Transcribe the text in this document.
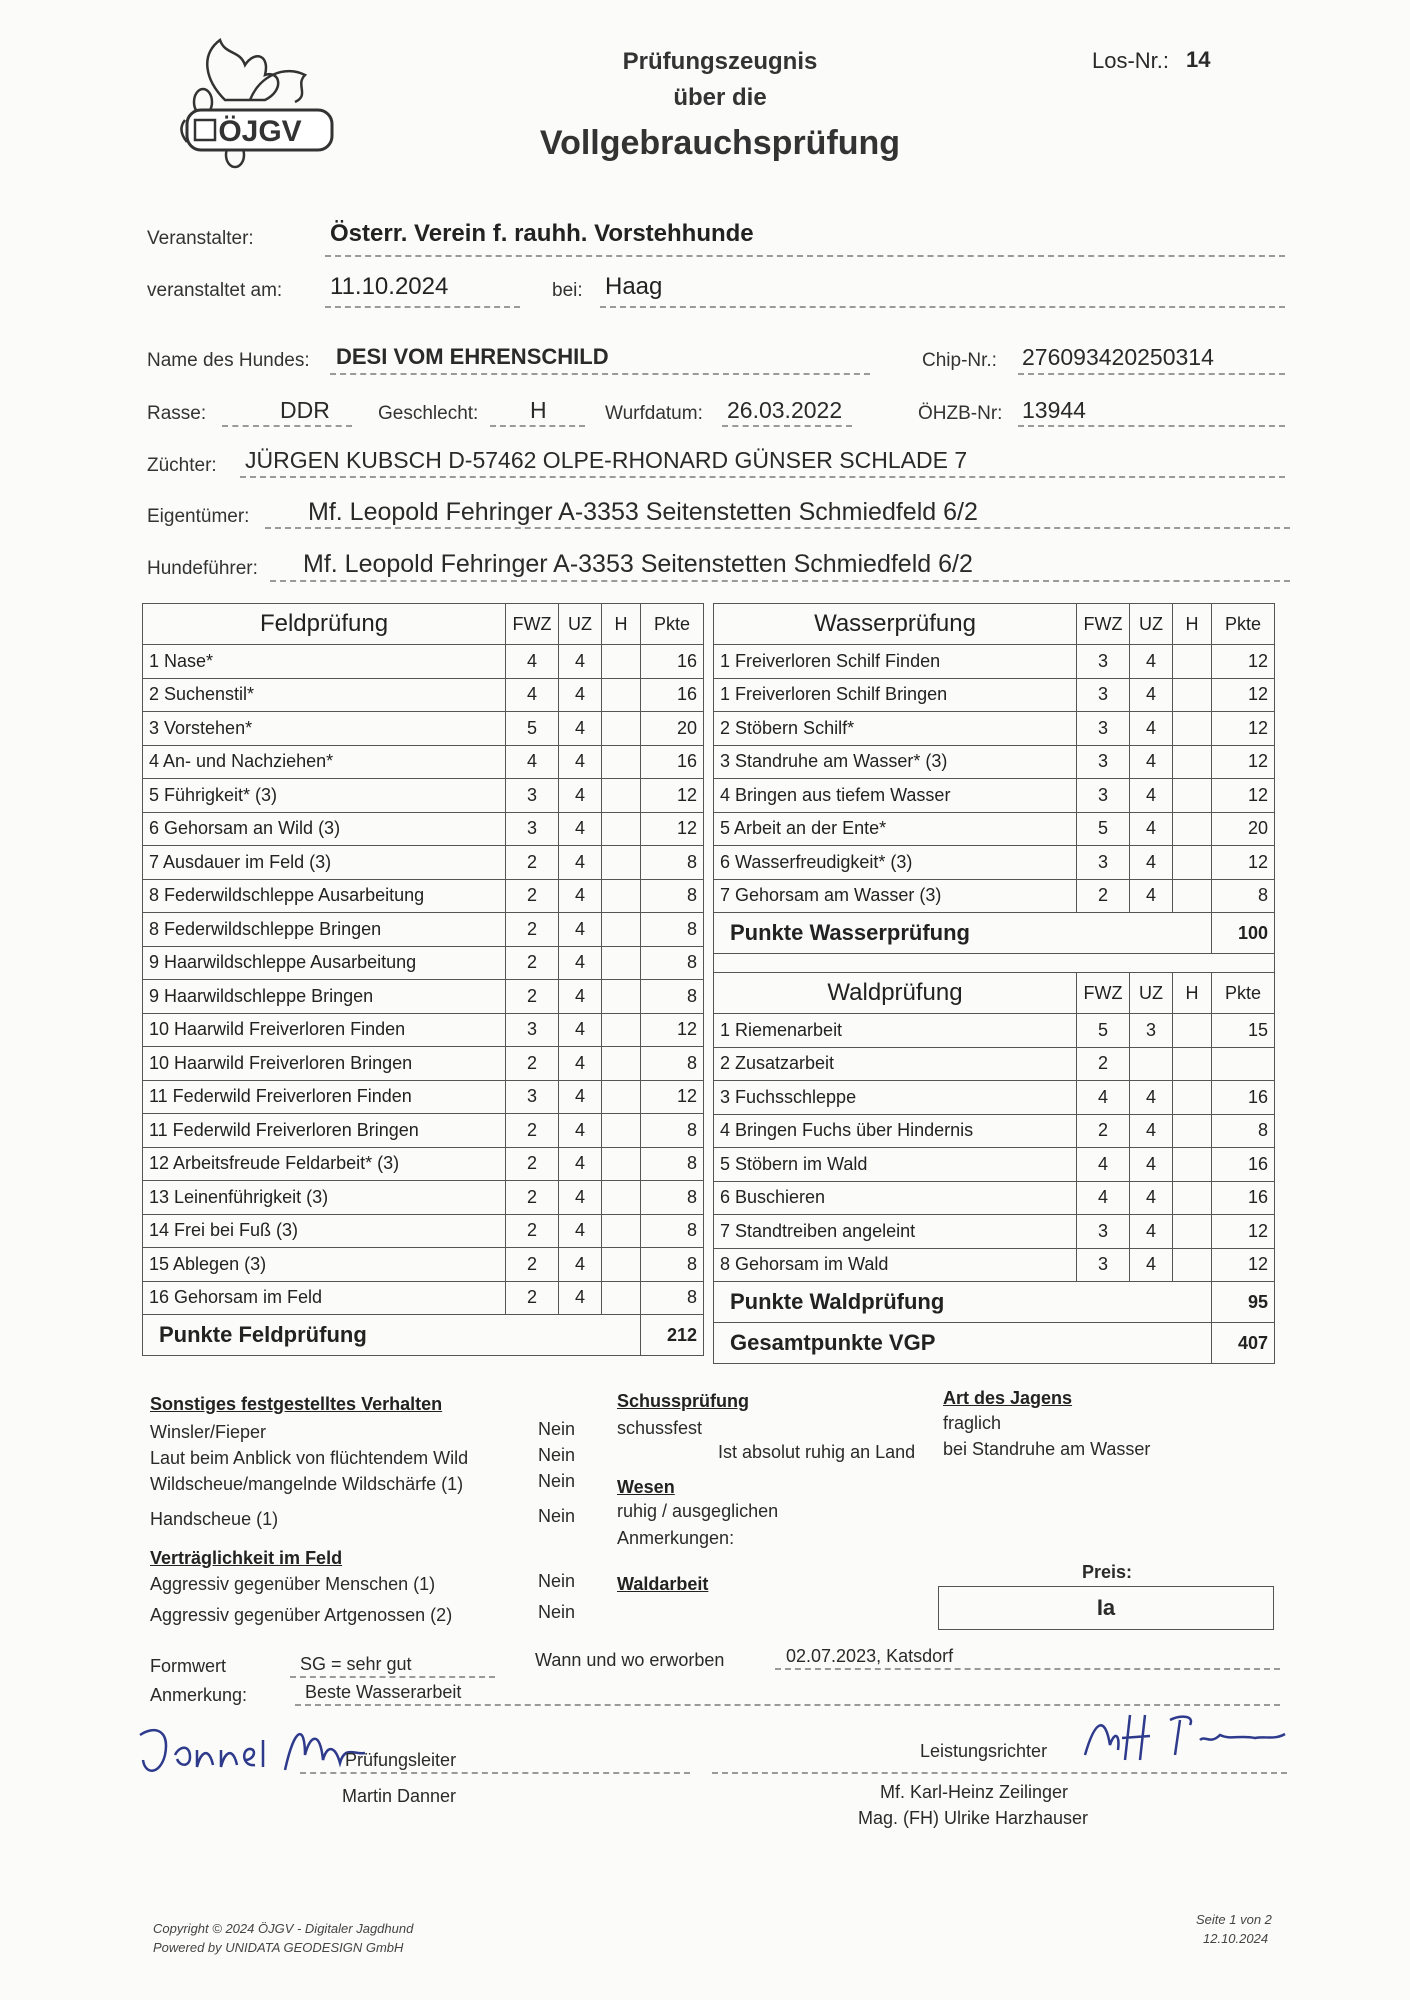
ÖJGV
Prüfungszeugnis
über die
Vollgebrauchsprüfung
Los-Nr.: 14
Veranstalter:	Österr. Verein f. rauhh. Vorstehhunde
veranstaltet am: 11.10.2024	bei: Haag
Name des Hundes: DESI VOM EHRENSCHILD	Chip-Nr.: 276093420250314
Rasse:	DDR	Geschlecht: H	Wurfdatum: 26.03.2022	ÖHZB-Nr: 13944
Züchter: JÜRGEN KUBSCH D-57462 OLPE-RHONARD GÜNSER SCHLADE 7
Eigentümer: Mf. Leopold Fehringer A-3353 Seitenstetten Schmiedfeld 6/2
Hundeführer: Mf. Leopold Fehringer A-3353 Seitenstetten Schmiedfeld 6/2
Feldprüfung	FWZ	UZ	H	Pkte
1 Nase*	4	4		16
2 Suchenstil*	4	4		16
3 Vorstehen*	5	4		20
4 An- und Nachziehen*	4	4		16
5 Führigkeit* (3)	3	4		12
6 Gehorsam an Wild (3)	3	4		12
7 Ausdauer im Feld (3)	2	4		8
8 Federwildschleppe Ausarbeitung	2	4		8
8 Federwildschleppe Bringen	2	4		8
9 Haarwildschleppe Ausarbeitung	2	4		8
9 Haarwildschleppe Bringen	2	4		8
10 Haarwild Freiverloren Finden	3	4		12
10 Haarwild Freiverloren Bringen	2	4		8
11 Federwild Freiverloren Finden	3	4		12
11 Federwild Freiverloren Bringen	2	4		8
12 Arbeitsfreude Feldarbeit* (3)	2	4		8
13 Leinenführigkeit (3)	2	4		8
14 Frei bei Fuß (3)	2	4		8
15 Ablegen (3)	2	4		8
16 Gehorsam im Feld	2	4		8
Punkte Feldprüfung				212
Wasserprüfung	FWZ	UZ	H	Pkte
1 Freiverloren Schilf Finden	3	4		12
1 Freiverloren Schilf Bringen	3	4		12
2 Stöbern Schilf*	3	4		12
3 Standruhe am Wasser* (3)	3	4		12
4 Bringen aus tiefem Wasser	3	4		12
5 Arbeit an der Ente*	5	4		20
6 Wasserfreudigkeit* (3)	3	4		12
7 Gehorsam am Wasser (3)	2	4		8
Punkte Wasserprüfung				100

Waldprüfung	FWZ	UZ	H	Pkte
1 Riemenarbeit	5	3		15
2 Zusatzarbeit	2			
3 Fuchsschleppe	4	4		16
4 Bringen Fuchs über Hindernis	2	4		8
5 Stöbern im Wald	4	4		16
6 Buschieren	4	4		16
7 Standtreiben angeleint	3	4		12
8 Gehorsam im Wald	3	4		12
Punkte Waldprüfung				95
Gesamtpunkte VGP				407
Sonstiges festgestelltes Verhalten
Winsler/Fieper	Nein
Laut beim Anblick von flüchtendem Wild	Nein
Wildscheue/mangelnde Wildschärfe (1)	Nein
Handscheue (1)	Nein
Verträglichkeit im Feld
Aggressiv gegenüber Menschen (1)	Nein
Aggressiv gegenüber Artgenossen (2)	Nein
Schussprüfung
schussfest
Ist absolut ruhig an Land
Art des Jagens
fraglich
bei Standruhe am Wasser
Wesen
ruhig / ausgeglichen
Anmerkungen:
Waldarbeit
Preis:
Ia
Formwert	SG = sehr gut	Wann und wo erworben	02.07.2023, Katsdorf
Anmerkung:	Beste Wasserarbeit
Prüfungsleiter
Martin Danner
Leistungsrichter
Mf. Karl-Heinz Zeilinger
Mag. (FH) Ulrike Harzhauser
Copyright © 2024 ÖJGV - Digitaler Jagdhund
Powered by UNIDATA GEODESIGN GmbH
Seite 1 von 2
12.10.2024
